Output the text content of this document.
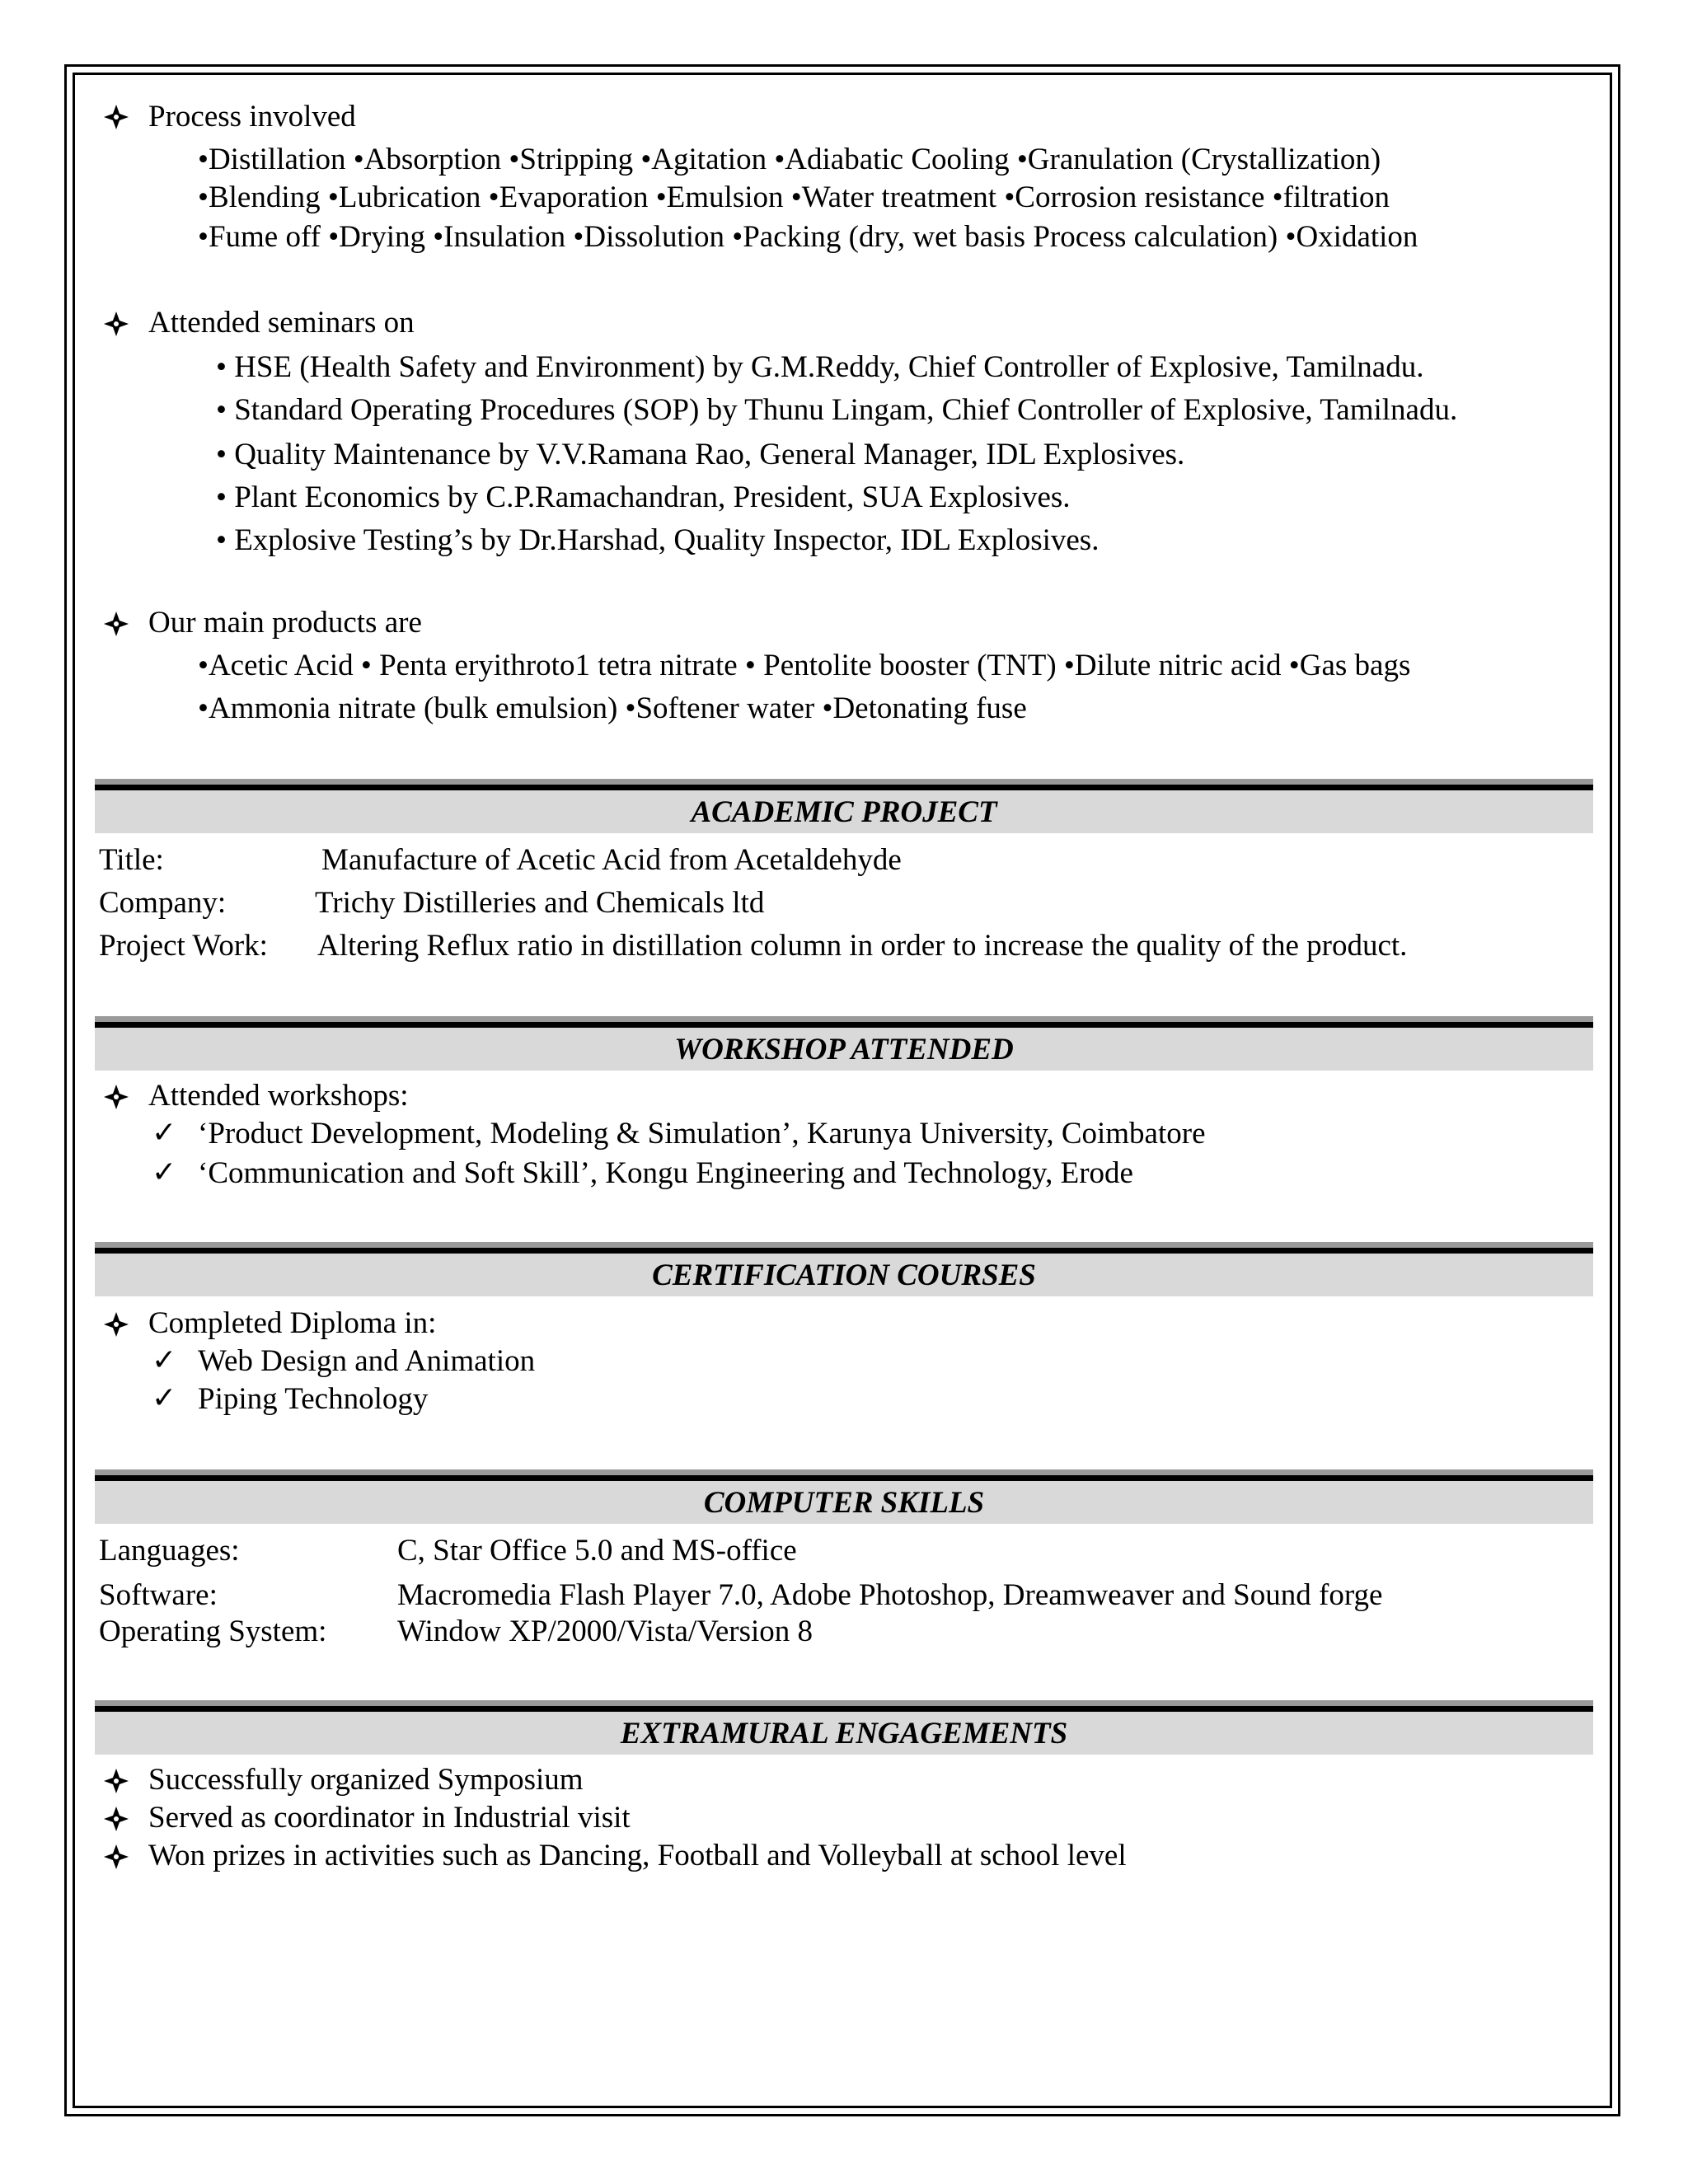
Process involved
•Distillation •Absorption •Stripping •Agitation •Adiabatic Cooling •Granulation (Crystallization)
•Blending •Lubrication •Evaporation •Emulsion •Water treatment •Corrosion resistance •filtration
•Fume off •Drying •Insulation •Dissolution •Packing (dry, wet basis Process calculation) •Oxidation
Attended seminars on
• HSE (Health Safety and Environment) by G.M.Reddy, Chief Controller of Explosive, Tamilnadu.
• Standard Operating Procedures (SOP) by Thunu Lingam, Chief Controller of Explosive, Tamilnadu.
• Quality Maintenance by V.V.Ramana Rao, General Manager, IDL Explosives.
• Plant Economics by C.P.Ramachandran, President, SUA Explosives.
• Explosive Testing’s by Dr.Harshad, Quality Inspector, IDL Explosives.
Our main products are
•Acetic Acid • Penta eryithroto1 tetra nitrate • Pentolite booster (TNT) •Dilute nitric acid •Gas bags
•Ammonia nitrate (bulk emulsion) •Softener water •Detonating fuse
ACADEMIC PROJECT
Title:	Manufacture of Acetic Acid from Acetaldehyde
Company:	Trichy Distilleries and Chemicals ltd
Project Work: Altering Reflux ratio in distillation column in order to increase the quality of the product.
WORKSHOP ATTENDED
Attended workshops:
✓ ‘Product Development, Modeling & Simulation’, Karunya University, Coimbatore
✓ ‘Communication and Soft Skill’, Kongu Engineering and Technology, Erode
CERTIFICATION COURSES
Completed Diploma in:
✓ Web Design and Animation
✓ Piping Technology
COMPUTER SKILLS
Languages:	C, Star Office 5.0 and MS-office
Software:	Macromedia Flash Player 7.0, Adobe Photoshop, Dreamweaver and Sound forge
Operating System: Window XP/2000/Vista/Version 8
EXTRAMURAL ENGAGEMENTS
Successfully organized Symposium
Served as coordinator in Industrial visit
Won prizes in activities such as Dancing, Football and Volleyball at school level
